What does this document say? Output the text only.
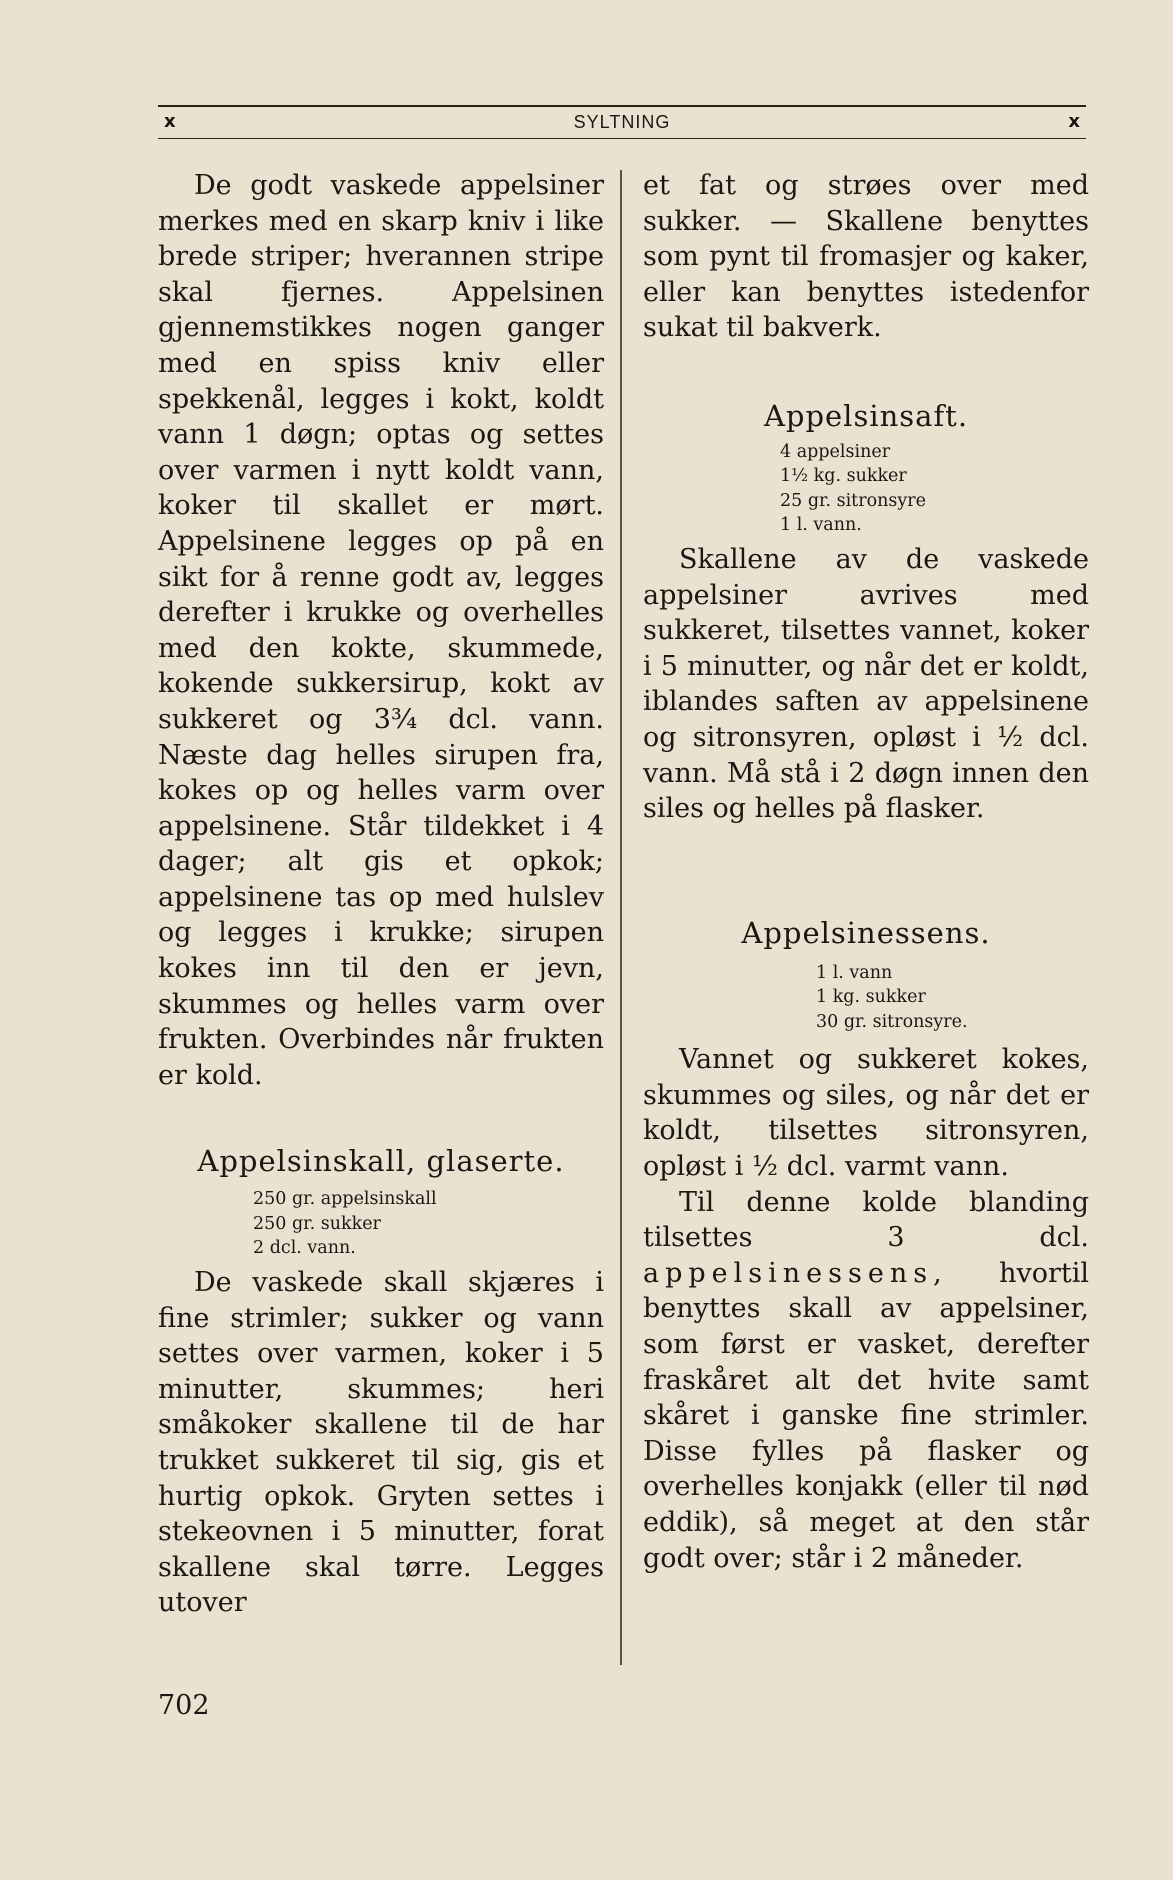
x	SYLTNING	x

De godt vaskede appelsiner merkes med en skarp kniv i like brede striper; hverannen stripe skal fjernes. Appelsinen gjennemstikkes nogen ganger med en spiss kniv eller spekkenål, legges i kokt, koldt vann 1 døgn; optas og settes over varmen i nytt koldt vann, koker til skallet er mørt. Appelsinene legges op på en sikt for å renne godt av, legges derefter i krukke og overhelles med den kokte, skummede, kokende sukkersirup, kokt av sukkeret og 3¾ dcl. vann. Næste dag helles sirupen fra, kokes op og helles varm over appelsinene. Står tildekket i 4 dager; alt gis et opkok; appelsinene tas op med hulslev og legges i krukke; sirupen kokes inn til den er jevn, skummes og helles varm over frukten. Overbindes når frukten er kold.

Appelsinskall, glaserte.
250 gr. appelsinskall
250 gr. sukker
2 dcl. vann.

De vaskede skall skjæres i fine strimler; sukker og vann settes over varmen, koker i 5 minutter, skummes; heri småkoker skallene til de har trukket sukkeret til sig, gis et hurtig opkok. Gryten settes i stekeovnen i 5 minutter, forat skallene skal tørre. Legges utover

et fat og strøes over med sukker. — Skallene benyttes som pynt til fromasjer og kaker, eller kan benyttes istedenfor sukat til bakverk.

Appelsinsaft.
4 appelsiner
1½ kg. sukker
25 gr. sitronsyre
1 l. vann.

Skallene av de vaskede appelsiner avrives med sukkeret, tilsettes vannet, koker i 5 minutter, og når det er koldt, iblandes saften av appelsinene og sitronsyren, opløst i ½ dcl. vann. Må stå i 2 døgn innen den siles og helles på flasker.

Appelsinessens.
1 l. vann
1 kg. sukker
30 gr. sitronsyre.

Vannet og sukkeret kokes, skummes og siles, og når det er koldt, tilsettes sitronsyren, opløst i ½ dcl. varmt vann.

Til denne kolde blanding tilsettes 3 dcl. appelsinessens, hvortil benyttes skall av appelsiner, som først er vasket, derefter fraskåret alt det hvite samt skåret i ganske fine strimler. Disse fylles på flasker og overhelles konjakk (eller til nød eddik), så meget at den står godt over; står i 2 måneder.

702
